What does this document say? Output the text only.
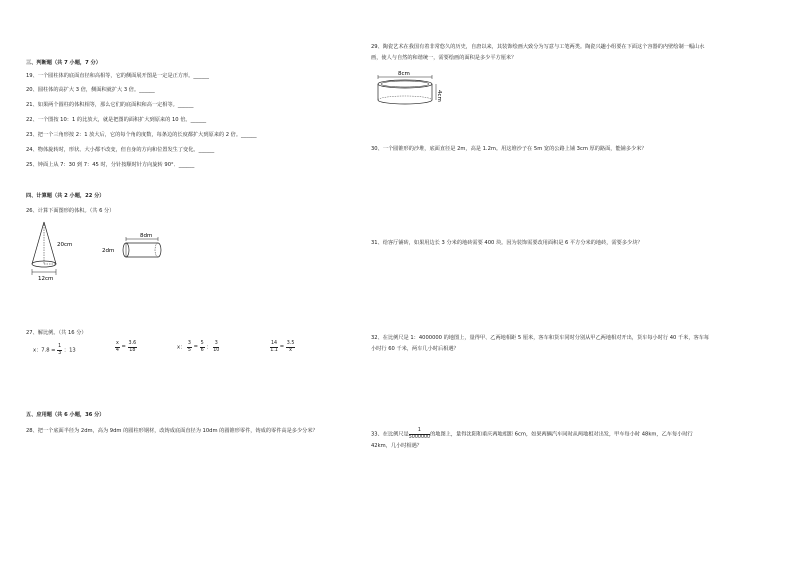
三、判断题（共 7 小题，7 分）
19、一个圆柱体的底面直径和高相等，它的侧面展开图是一定是正方形。______
20、圆柱体的高扩大 3 倍，侧面积就扩大 3 倍。______
21、如果两个圆柱的体积相等，那么它们的底面积和高一定相等。______
22、一个图按 10：1 的比放大，就是把图的面积扩大到原来的 10 倍。______
23、把一个三角形按 2：1 放大后，它的每个角的度数，每条边的长度都扩大到原来的 2 倍。______
24、物体旋转时，形状、大小都不改变，但自身的方向和位置发生了变化。______
25、钟面上从 7：30 到 7：45 时，分针按顺时针方向旋转 90°．______
四、计算题（共 2 小题，22 分）
26、计算下面图形的体积。（共 6 分）
20cm
12cm
8dm
2dm
27、解比例。（共 16 分）
x：$7.8 = \frac{1}{3}$ ：13	$\frac{x}{4} = \frac{3.6}{18}$	x： $\frac{3}{5} = \frac{5}{6}$ ： $\frac{3}{10}$	$\frac{14}{1.1} = \frac{3.5}{x}$
五、应用题（共 6 小题，36 分）
28、把一个底面半径为 2dm，高为 9dm 的圆柱形钢材，改铸成底面直径为 10dm 的圆锥形零件，铸成的零件高是多少分米？
29、陶瓷艺术在我国有着非常悠久的历史，自唐以来，其装饰绘画大致分为写意与工笔两类。陶瓷兴趣小组要在下面这个容器的内壁绘制一幅山水画，使人与自然的和谐统一，需要绘画的面积是多少平方厘米？
8cm
4cm
30、一个圆锥形的沙堆，底面直径是 2m，高是 1.2m。用这堆沙子在 5m 宽的公路上铺 3cm 厚的路面，能铺多少米？
31、给客厅铺砖，如果用边长 3 分米的地砖需要 400 块。因为装饰需要改用面积是 6 平方分米的地砖，需要多少块？
32、在比例尺是 1：4000000 的地图上，量得甲、乙两地相距 5 厘米，客车和货车同时分别从甲乙两地相对开出，货车每小时行 40 千米，客车每小时行 60 千米，两车几小时后相遇？
33、在比例尺是 $\frac{1}{5000000}$ 的地图上，量得沈阳和重庆两地相距 6cm，如果两辆汽车同时从两地相对出发，甲车每小时 48km，乙车每小时行 42km，几小时相遇？
